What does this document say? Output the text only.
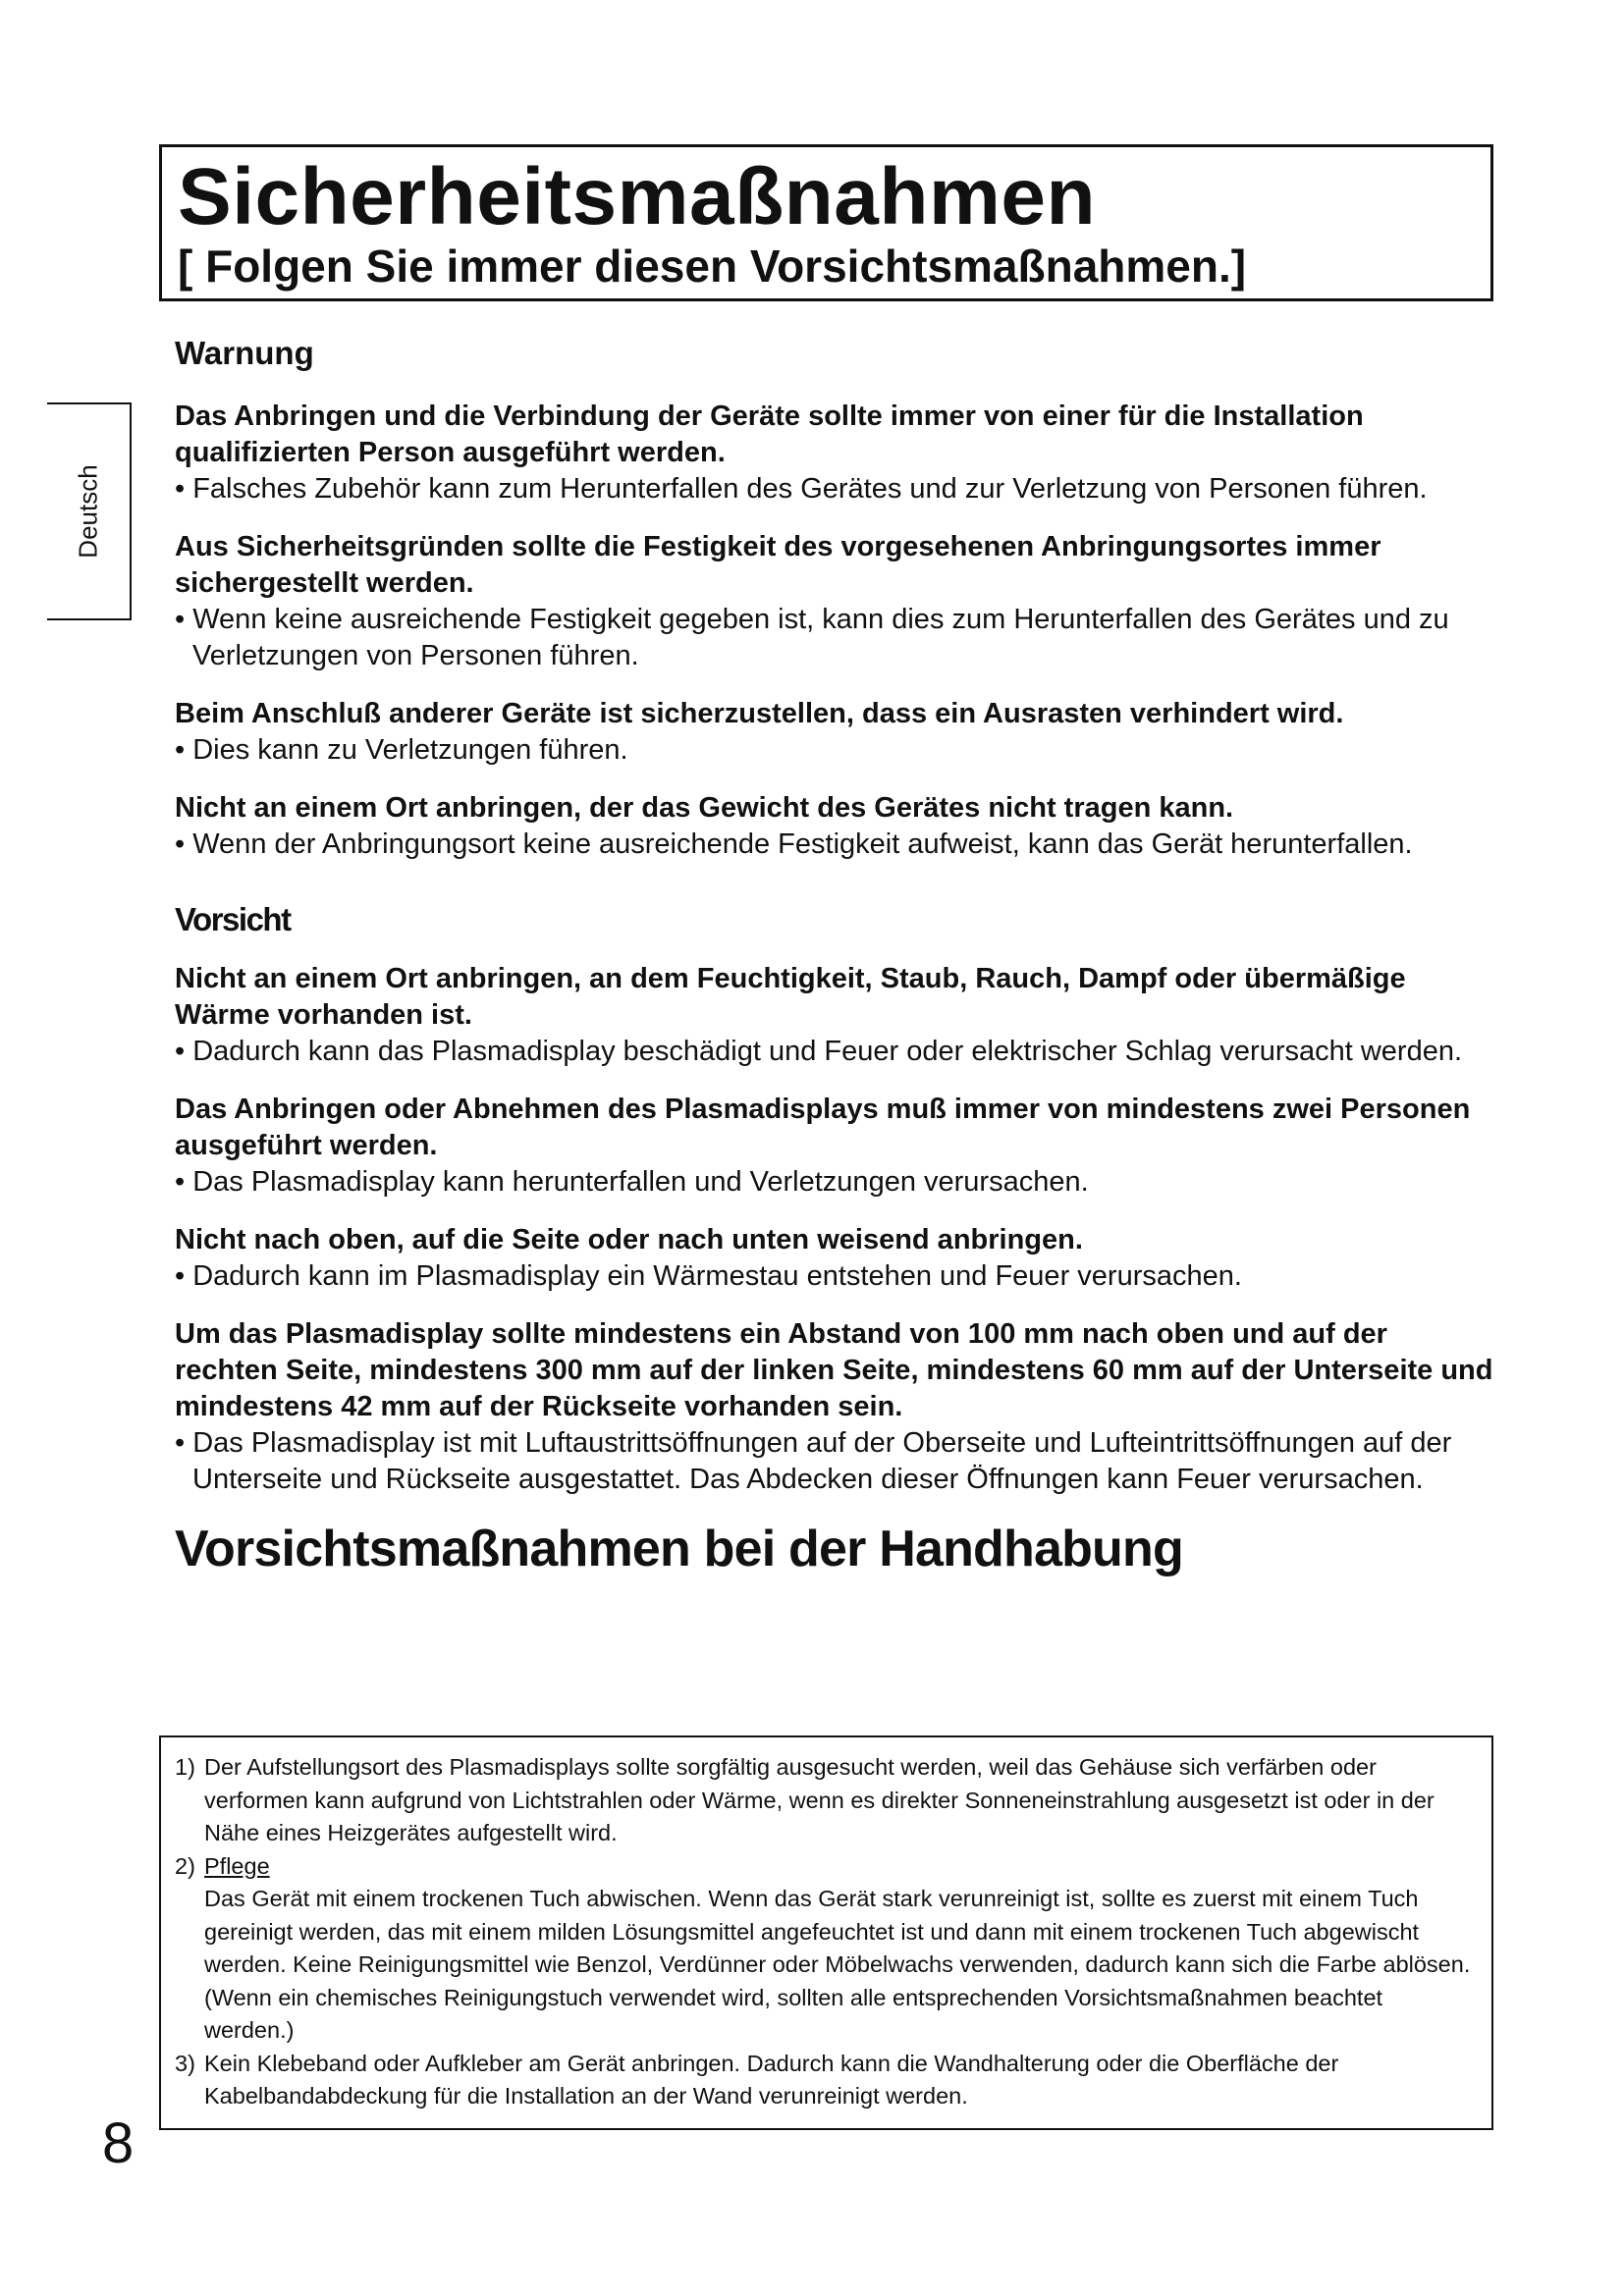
Sicherheitsmaßnahmen
[ Folgen Sie immer diesen Vorsichtsmaßnahmen.]
Deutsch
Warnung
Das Anbringen und die Verbindung der Geräte sollte immer von einer für die Installation qualifizierten Person ausgeführt werden.
• Falsches Zubehör kann zum Herunterfallen des Gerätes und zur Verletzung von Personen führen.
Aus Sicherheitsgründen sollte die Festigkeit des vorgesehenen Anbringungsortes immer sichergestellt werden.
• Wenn keine ausreichende Festigkeit gegeben ist, kann dies zum Herunterfallen des Gerätes und zu Verletzungen von Personen führen.
Beim Anschluß anderer Geräte ist sicherzustellen, dass ein Ausrasten verhindert wird.
• Dies kann zu Verletzungen führen.
Nicht an einem Ort anbringen, der das Gewicht des Gerätes nicht tragen kann.
• Wenn der Anbringungsort keine ausreichende Festigkeit aufweist, kann das Gerät herunterfallen.
Vorsicht
Nicht an einem Ort anbringen, an dem Feuchtigkeit, Staub, Rauch, Dampf oder übermäßige Wärme vorhanden ist.
• Dadurch kann das Plasmadisplay beschädigt und Feuer oder elektrischer Schlag verursacht werden.
Das Anbringen oder Abnehmen des Plasmadisplays muß immer von mindestens zwei Personen ausgeführt werden.
• Das Plasmadisplay kann herunterfallen und Verletzungen verursachen.
Nicht nach oben, auf die Seite oder nach unten weisend anbringen.
• Dadurch kann im Plasmadisplay ein Wärmestau entstehen und Feuer verursachen.
Um das Plasmadisplay sollte mindestens ein Abstand von 100 mm nach oben und auf der rechten Seite, mindestens 300 mm auf der linken Seite, mindestens 60 mm auf der Unterseite und mindestens 42 mm auf der Rückseite vorhanden sein.
• Das Plasmadisplay ist mit Luftaustrittsöffnungen auf der Oberseite und Lufteintrittsöffnungen auf der Unterseite und Rückseite ausgestattet. Das Abdecken dieser Öffnungen kann Feuer verursachen.
Vorsichtsmaßnahmen bei der Handhabung
1) Der Aufstellungsort des Plasmadisplays sollte sorgfältig ausgesucht werden, weil das Gehäuse sich verfärben oder verformen kann aufgrund von Lichtstrahlen oder Wärme, wenn es direkter Sonneneinstrahlung ausgesetzt ist oder in der Nähe eines Heizgerätes aufgestellt wird.
2) Pflege
Das Gerät mit einem trockenen Tuch abwischen. Wenn das Gerät stark verunreinigt ist, sollte es zuerst mit einem Tuch gereinigt werden, das mit einem milden Lösungsmittel angefeuchtet ist und dann mit einem trockenen Tuch abgewischt werden. Keine Reinigungsmittel wie Benzol, Verdünner oder Möbelwachs verwenden, dadurch kann sich die Farbe ablösen. (Wenn ein chemisches Reinigungstuch verwendet wird, sollten alle entsprechenden Vorsichtsmaßnahmen beachtet werden.)
3) Kein Klebeband oder Aufkleber am Gerät anbringen. Dadurch kann die Wandhalterung oder die Oberfläche der Kabelbandabdeckung für die Installation an der Wand verunreinigt werden.
8
